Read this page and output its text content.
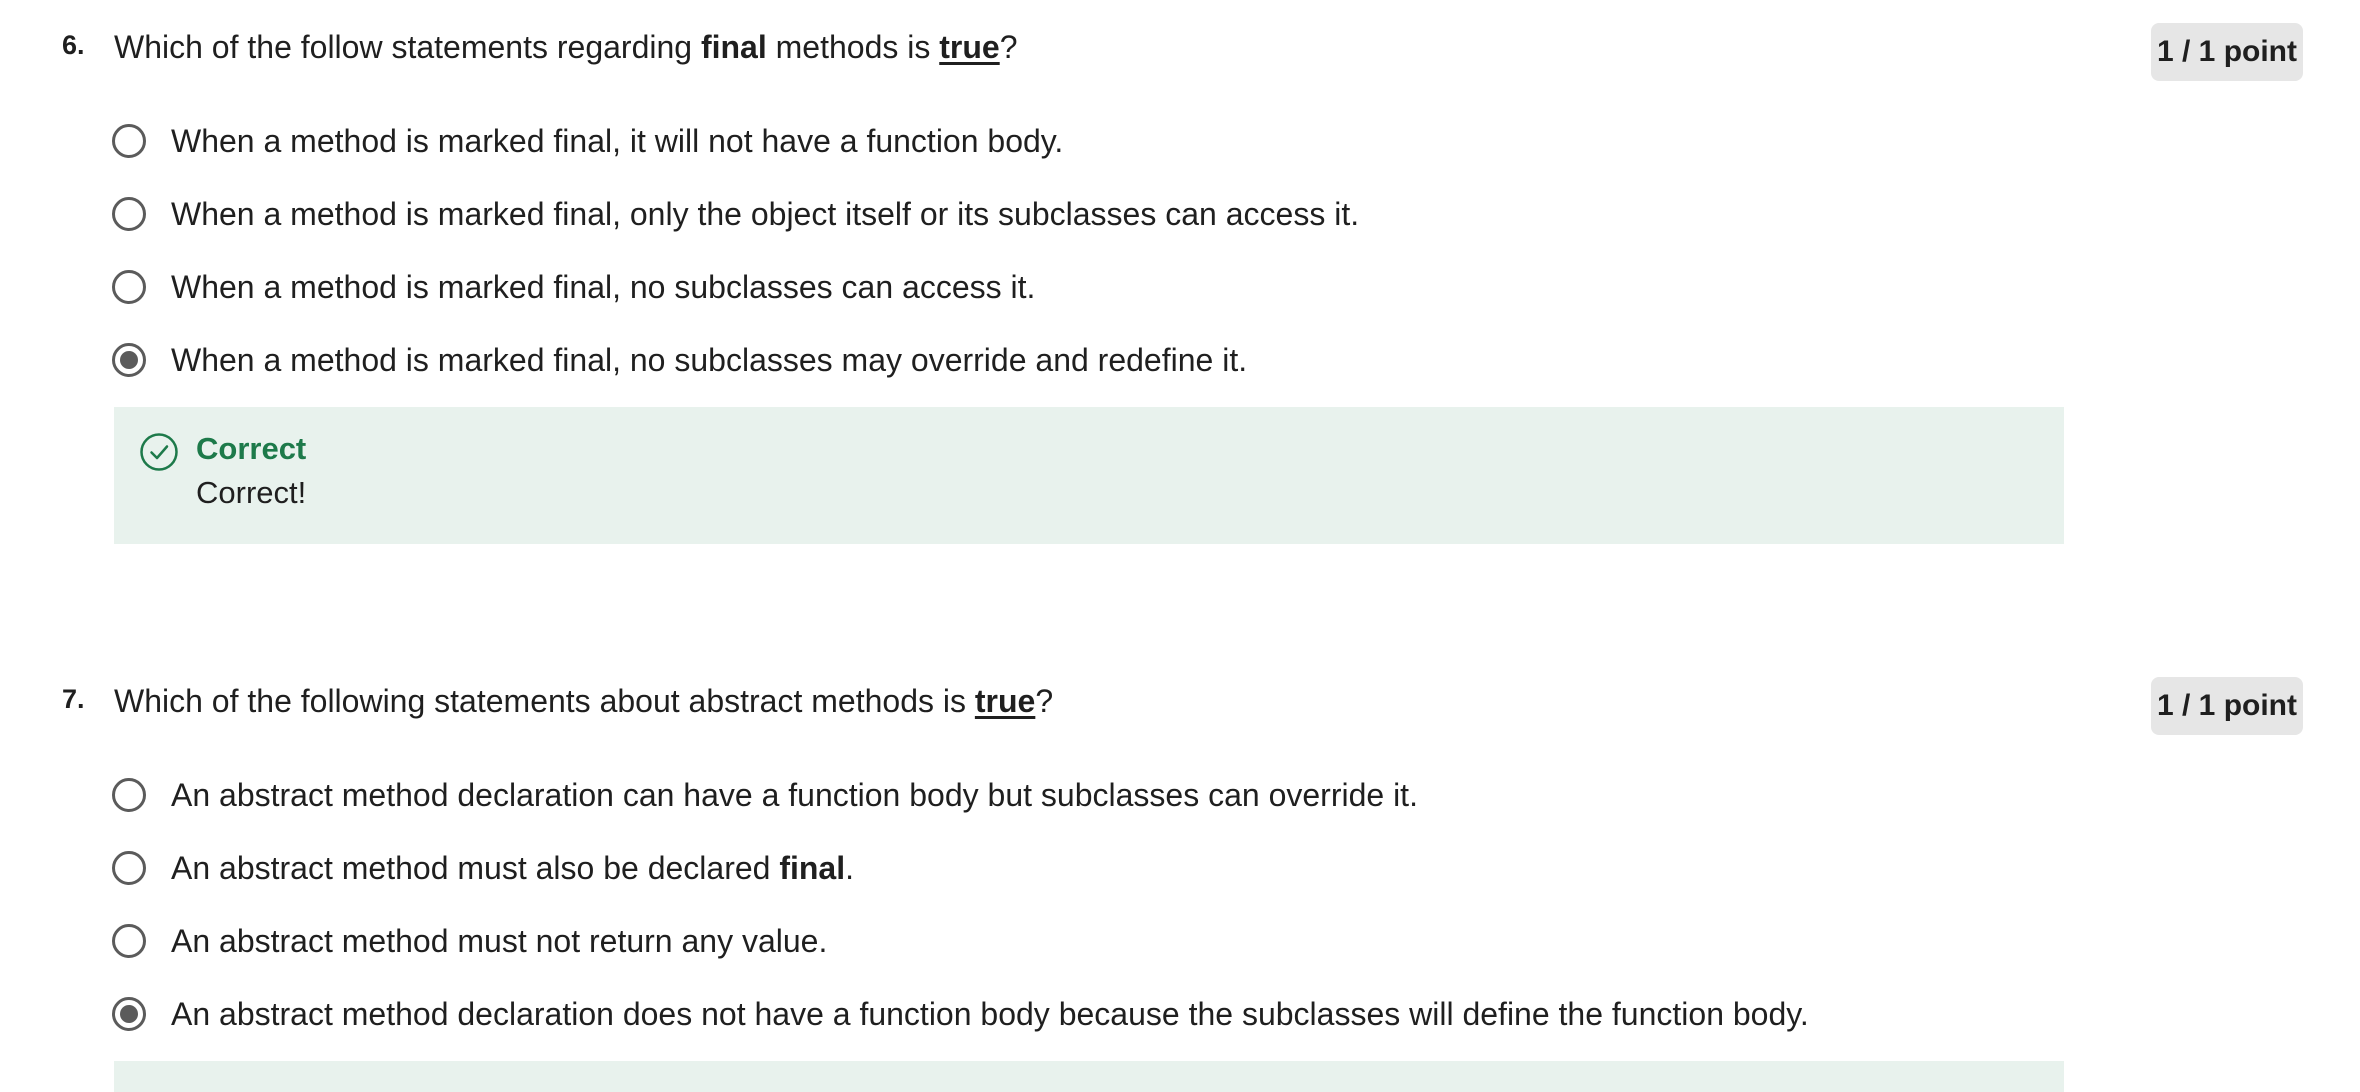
6. Which of the follow statements regarding final methods is true?	1 / 1 point
When a method is marked final, it will not have a function body.
When a method is marked final, only the object itself or its subclasses can access it.
When a method is marked final, no subclasses can access it.
When a method is marked final, no subclasses may override and redefine it.
Correct
Correct!
7. Which of the following statements about abstract methods is true?	1 / 1 point
An abstract method declaration can have a function body but subclasses can override it.
An abstract method must also be declared final.
An abstract method must not return any value.
An abstract method declaration does not have a function body because the subclasses will define the function body.
